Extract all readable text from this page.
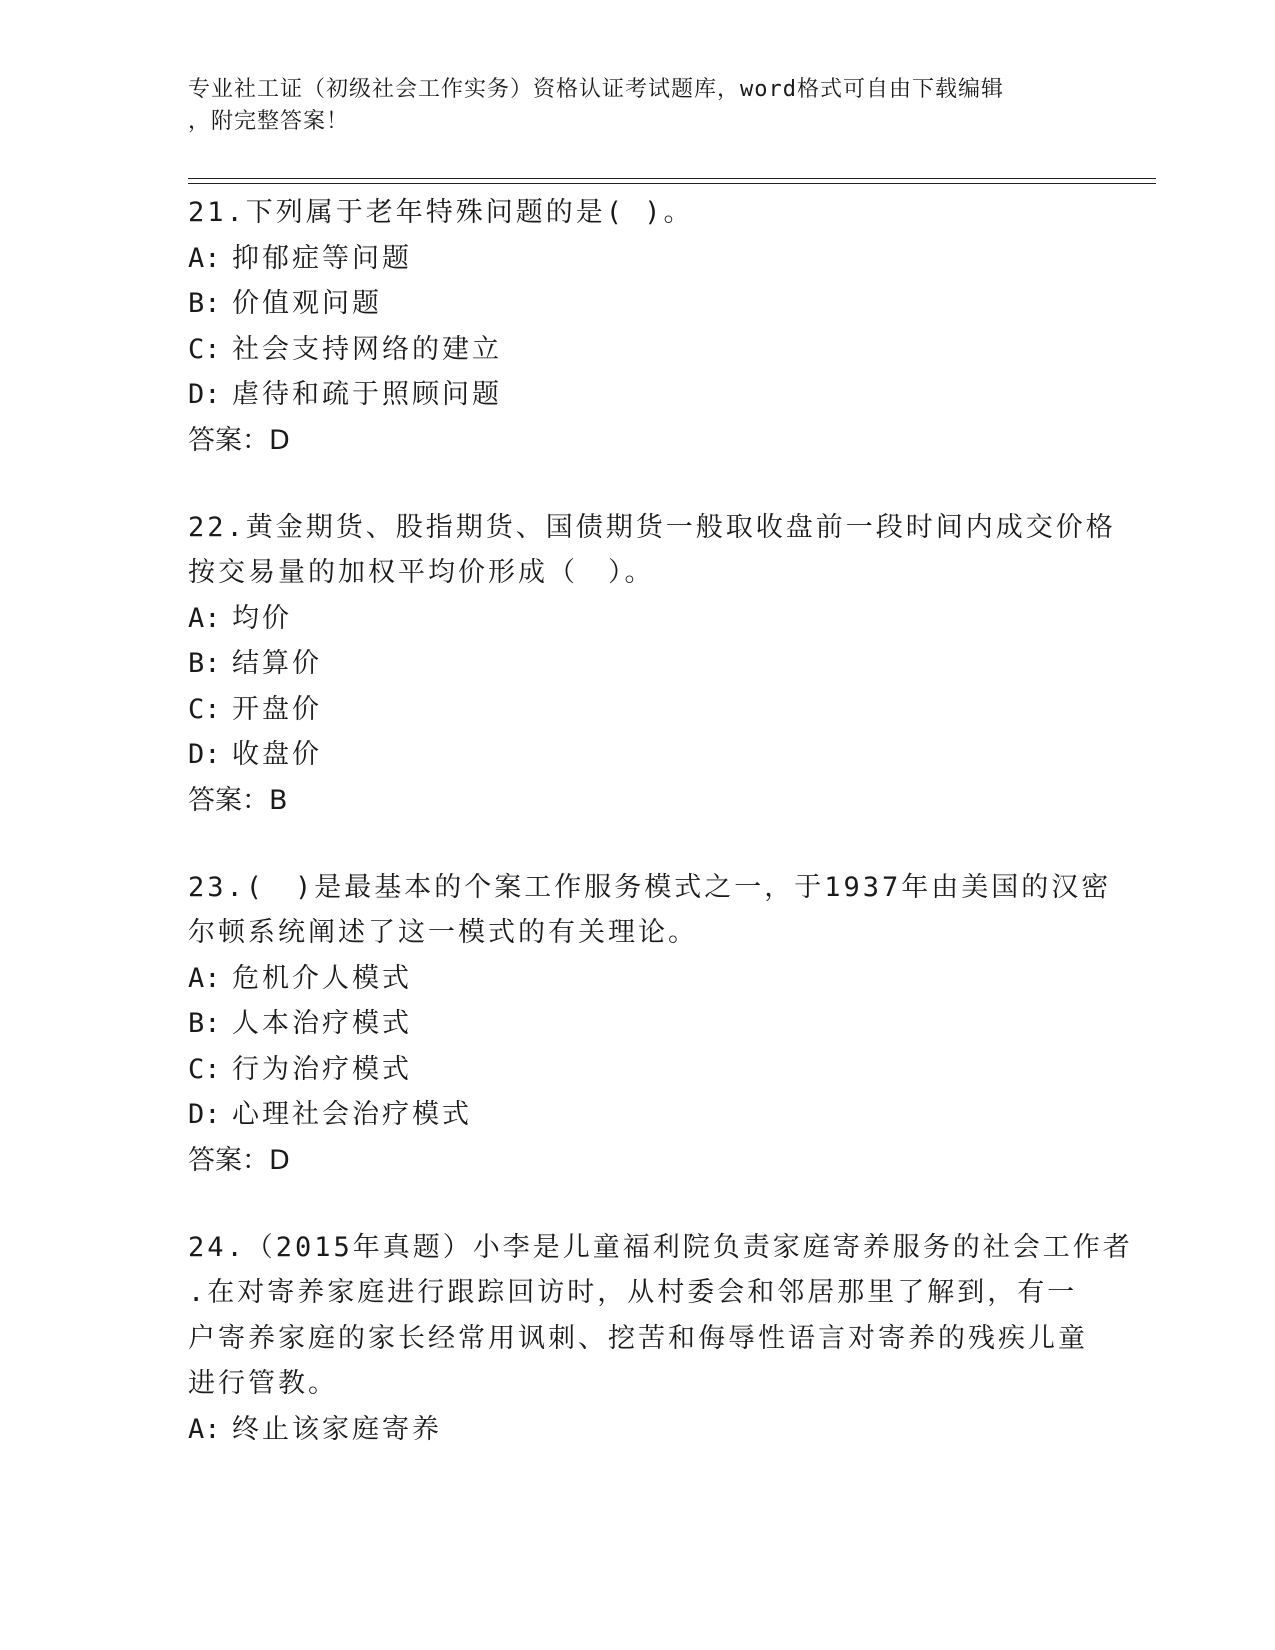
专业社工证（初级社会工作实务）资格认证考试题库，word格式可自由下载编辑

，附完整答案！

21.下列属于老年特殊问题的是( )。

A: 抑郁症等问题

B: 价值观问题

C: 社会支持网络的建立

D: 虐待和疏于照顾问题

答案：D

22.黄金期货、股指期货、国债期货一般取收盘前一段时间内成交价格

按交易量的加权平均价形成（　）。

A: 均价

B: 结算价

C: 开盘价

D: 收盘价

答案：B

23.(　)是最基本的个案工作服务模式之一，于1937年由美国的汉密

尔顿系统阐述了这一模式的有关理论。

A: 危机介人模式

B: 人本治疗模式

C: 行为治疗模式

D: 心理社会治疗模式

答案：D

24.（2015年真题）小李是儿童福利院负责家庭寄养服务的社会工作者

.在对寄养家庭进行跟踪回访时，从村委会和邻居那里了解到，有一

户寄养家庭的家长经常用讽刺、挖苦和侮辱性语言对寄养的残疾儿童

进行管教。

A: 终止该家庭寄养
